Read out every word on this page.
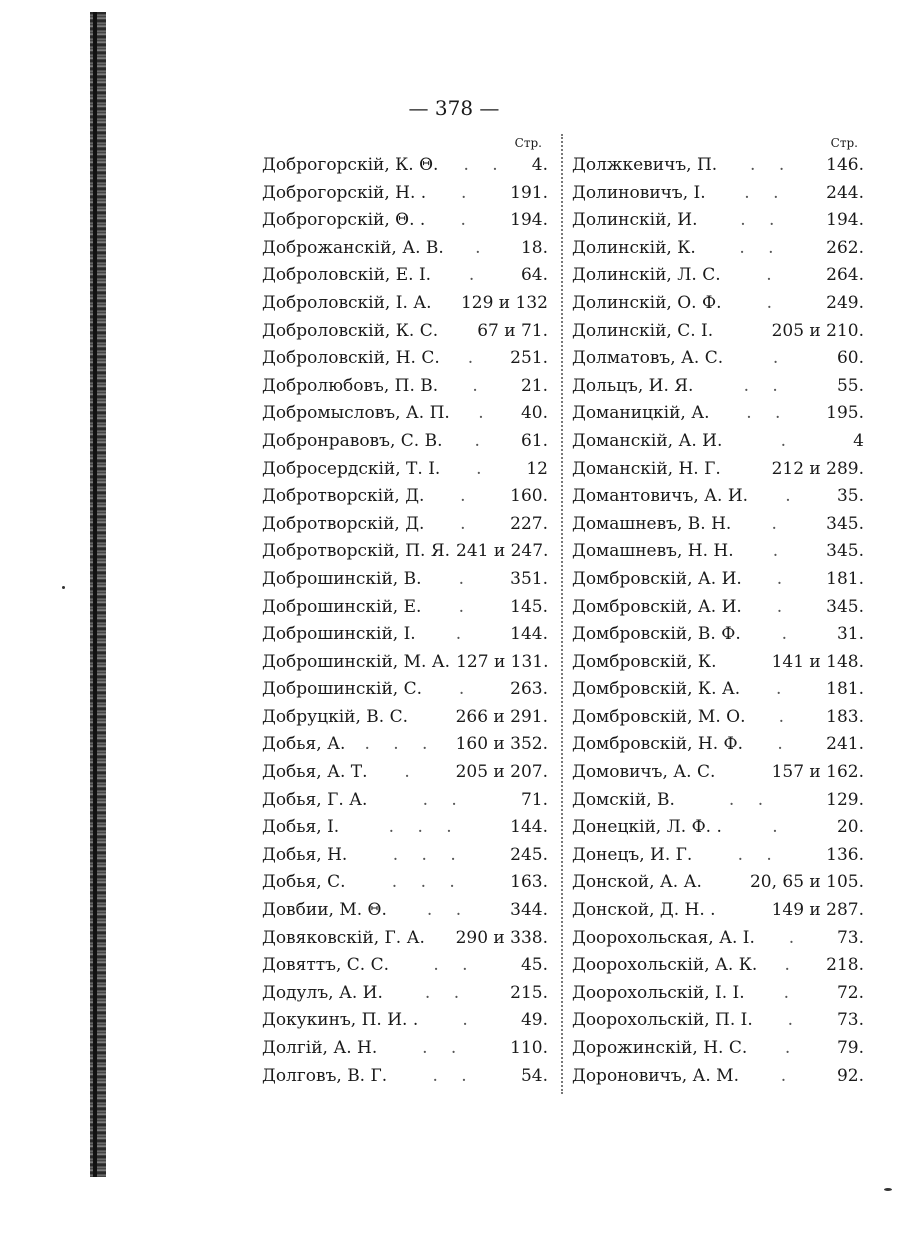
— 378 —
Стр.
Доброгорскій, К. Θ.	. .	4.
Доброгорскій, Н. .	.	191.
Доброгорскій, Θ. .	.	194.
Доброжанскій, А. В.	.	18.
Доброловскій, Е. I.	.	64.
Доброловскій, I. А. 129 и 132
Доброловскій, К. С. 67 и 71.
Доброловскій, Н. С.	.	251.
Добролюбовъ, П. В.	.	21.
Добромысловъ, А. П.	.	40.
Добронравовъ, С. В.	.	61.
Добросердскій, Т. I.	.	12
Добротворскій, Д.	.	160.
Добротворскій, Д.	.	227.
Добротворскій, П. Я. 241 и 247.
Доброшинскій, В.	.	351.
Доброшинскій, Е.	.	145.
Доброшинскій, I.	.	144.
Доброшинскій, М. А. 127 и 131.
Доброшинскій, С.	.	263.
Добруцкій, В. С.	266 и 291.
Добья, А.	. . .	160 и 352.
Добья, А. Т.	.	205 и 207.
Добья, Г. А.	. .	71.
Добья, I.	. . .	144.
Добья, Н.	. . .	245.
Добья, С.	. . .	163.
Довбии, М. Θ.	. .	344.
Довяковскій, Г. А. 290 и 338.
Довяттъ, С. С.	. .	45.
Додулъ, А. И.	. .	215.
Докукинъ, П. И. .	.	49.
Долгій, А. Н.	. .	110.
Долговъ, В. Г.	. .	54.
Стр.
Должкевичъ, П.	. .	146.
Долиновичъ, I.	. .	244.
Долинскій, И.	. .	194.
Долинскій, К.	. .	262.
Долинскій, Л. С.	.	264.
Долинскій, О. Ф.	.	249.
Долинскій, С. I.	205 и 210.
Долматовъ, А. С.	.	60.
Дольцъ, И. Я.	. .	55.
Доманицкій, А.	. .	195.
Доманскій, А. И.	.	4
Доманскій, Н. Г.	212 и 289.
Домантовичъ, А. И.	.	35.
Домашневъ, В. Н.	.	345.
Домашневъ, Н. Н.	.	345.
Домбровскій, А. И.	.	181.
Домбровскій, А. И.	.	345.
Домбровскій, В. Ф.	.	31.
Домбровскій, К.	141 и 148.
Домбровскій, К. А.	.	181.
Домбровскій, М. О.	.	183.
Домбровскій, Н. Ф.	.	241.
Домовичъ, А. С.	157 и 162.
Домскій, В.	. .	129.
Донецкій, Л. Ф. .	.	20.
Донецъ, И. Г.	. .	136.
Донской, А. А.	20, 65 и 105.
Донской, Д. Н. .	149 и 287.
Доорохольская, А. I.	.	73.
Доорохольскій, А. К.	.	218.
Доорохольскій, I. I.	.	72.
Доорохольскій, П. I.	.	73.
Дорожинскій, Н. С.	.	79.
Дороновичъ, А. М.	.	92.
